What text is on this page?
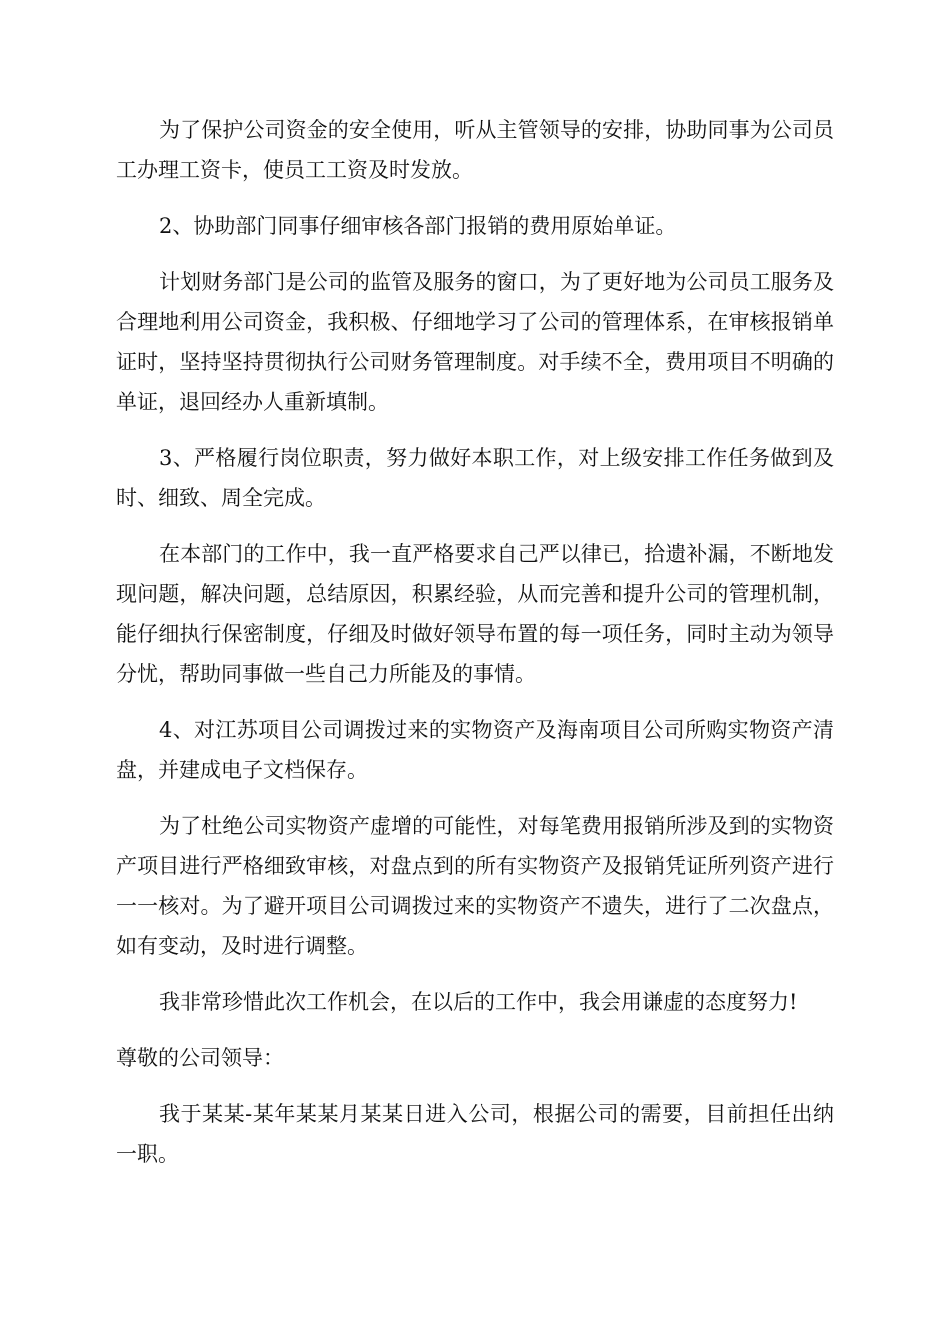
为了保护公司资金的安全使用，听从主管领导的安排，协助同事为公司员工办理工资卡，使员工工资及时发放。

2、协助部门同事仔细审核各部门报销的费用原始单证。

计划财务部门是公司的监管及服务的窗口，为了更好地为公司员工服务及合理地利用公司资金，我积极、仔细地学习了公司的管理体系，在审核报销单证时，坚持坚持贯彻执行公司财务管理制度。对手续不全，费用项目不明确的单证，退回经办人重新填制。

3、严格履行岗位职责，努力做好本职工作，对上级安排工作任务做到及时、细致、周全完成。

在本部门的工作中，我一直严格要求自己严以律已，拾遗补漏，不断地发现问题，解决问题，总结原因，积累经验，从而完善和提升公司的管理机制，能仔细执行保密制度，仔细及时做好领导布置的每一项任务，同时主动为领导分忧，帮助同事做一些自己力所能及的事情。

4、对江苏项目公司调拨过来的实物资产及海南项目公司所购实物资产清盘，并建成电子文档保存。

为了杜绝公司实物资产虚增的可能性，对每笔费用报销所涉及到的实物资产项目进行严格细致审核，对盘点到的所有实物资产及报销凭证所列资产进行一一核对。为了避开项目公司调拨过来的实物资产不遗失，进行了二次盘点，如有变动，及时进行调整。

我非常珍惜此次工作机会，在以后的工作中，我会用谦虚的态度努力!

尊敬的公司领导：

我于某某-某年某某月某某日进入公司，根据公司的需要，目前担任出纳一职。
